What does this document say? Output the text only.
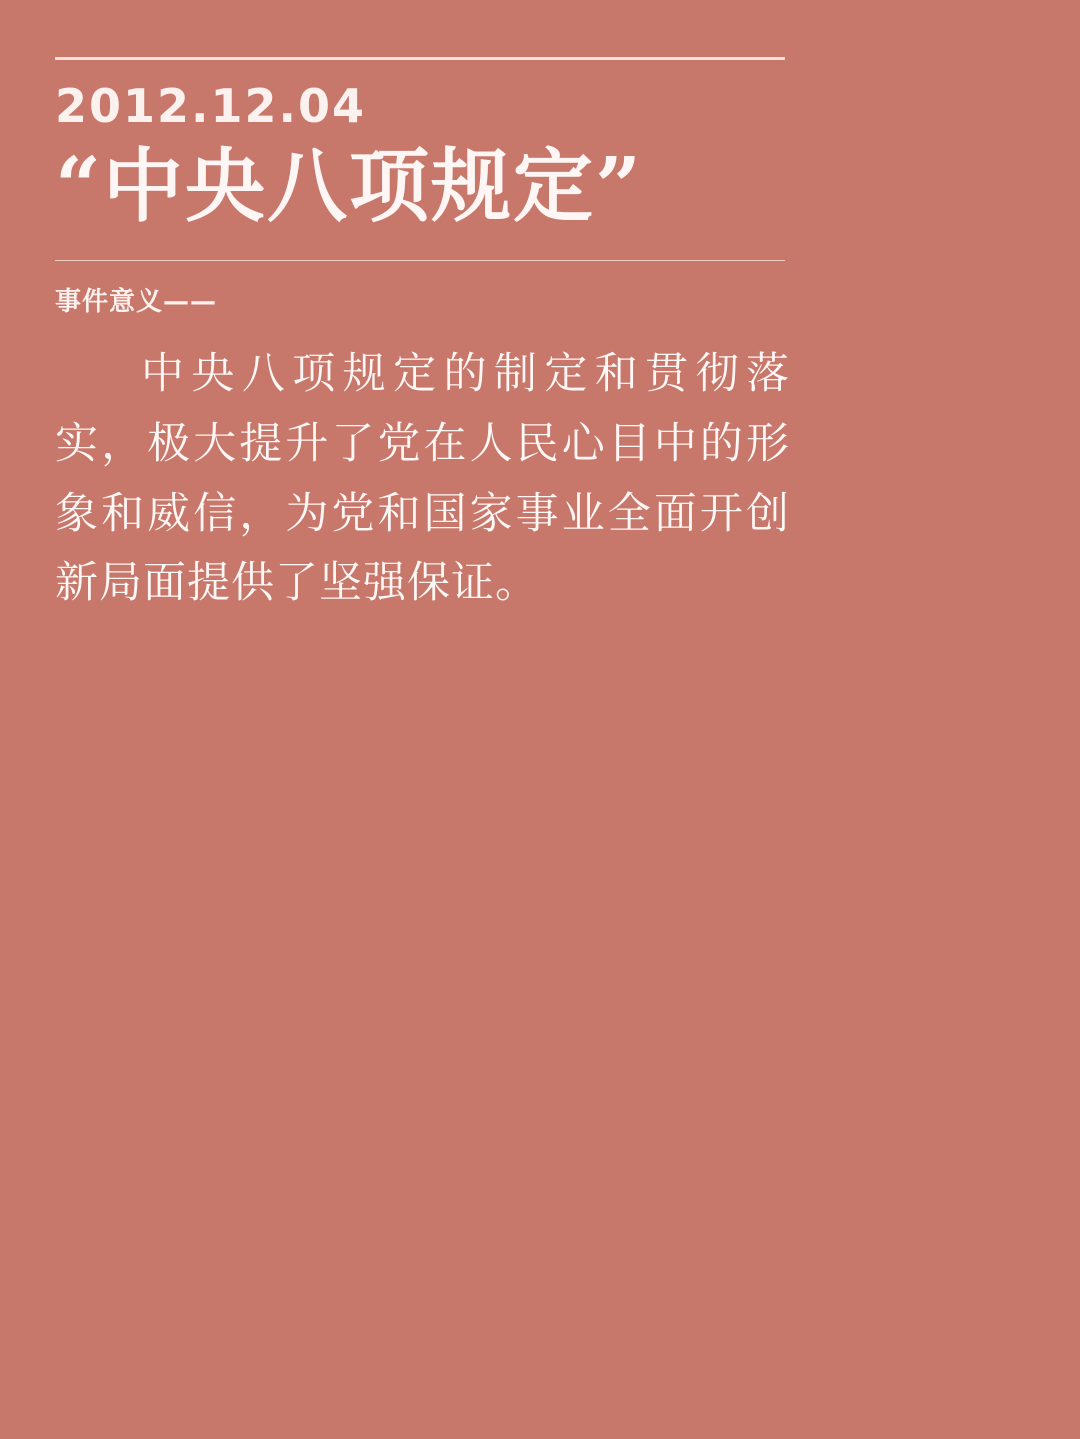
2012.12.04
“中央八项规定”
事件意义——
中央八项规定的制定和贯彻落实，极大提升了党在人民心目中的形象和威信，为党和国家事业全面开创新局面提供了坚强保证。
